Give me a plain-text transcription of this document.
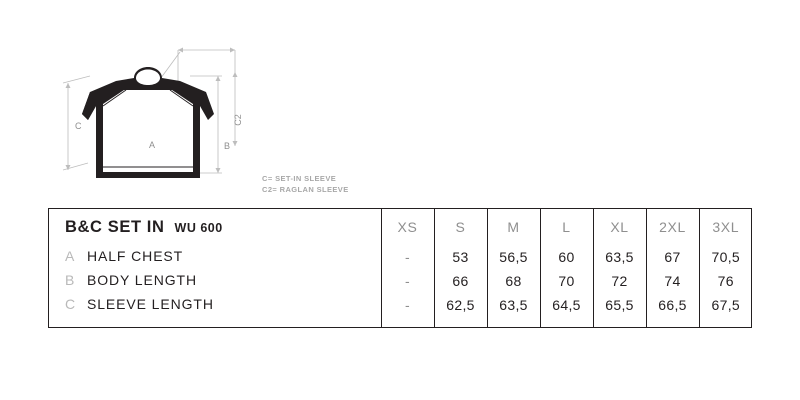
A	B
C
C2
C= SET-IN SLEEVE
C2= RAGLAN SLEEVE
B&C SET IN WU 600	XS	S	M	L	XL	2XL	3XL
A HALF CHEST	-	53	56,5	60	63,5	67	70,5
B BODY LENGTH	-	66	68	70	72	74	76
C SLEEVE LENGTH	-	62,5	63,5	64,5	65,5	66,5	67,5
